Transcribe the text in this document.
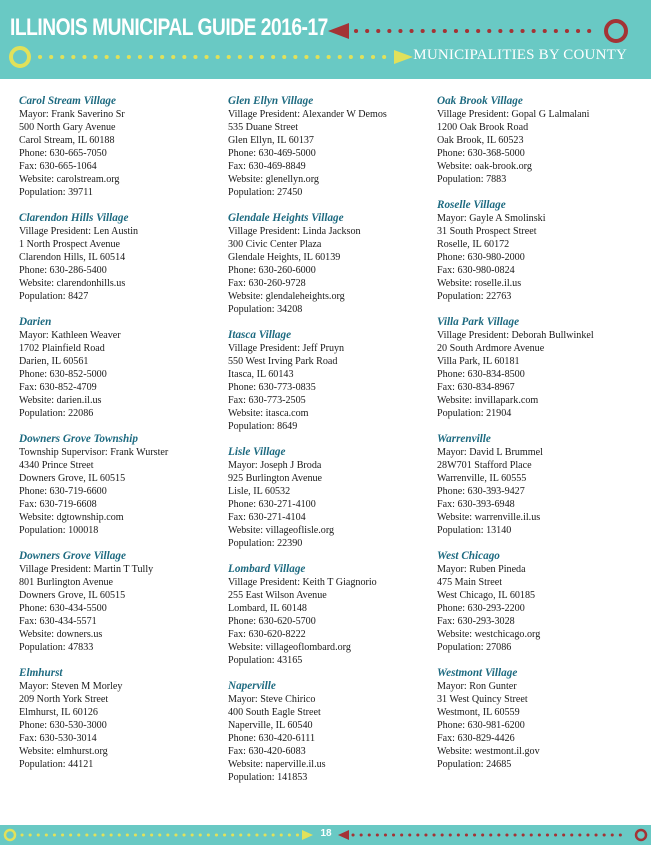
ILLINOIS MUNICIPAL GUIDE 2016-17
MUNICIPALITIES BY COUNTY
Carol Stream Village
Mayor: Frank Saverino Sr
500 North Gary Avenue
Carol Stream, IL 60188
Phone: 630-665-7050
Fax: 630-665-1064
Website: carolstream.org
Population: 39711
Clarendon Hills Village
Village President: Len Austin
1 North Prospect Avenue
Clarendon Hills, IL 60514
Phone: 630-286-5400
Website: clarendonhills.us
Population: 8427
Darien
Mayor: Kathleen Weaver
1702 Plainfield Road
Darien, IL 60561
Phone: 630-852-5000
Fax: 630-852-4709
Website: darien.il.us
Population: 22086
Downers Grove Township
Township Supervisor: Frank Wurster
4340 Prince Street
Downers Grove, IL 60515
Phone: 630-719-6600
Fax: 630-719-6608
Website: dgtownship.com
Population: 100018
Downers Grove Village
Village President: Martin T Tully
801 Burlington Avenue
Downers Grove, IL 60515
Phone: 630-434-5500
Fax: 630-434-5571
Website: downers.us
Population: 47833
Elmhurst
Mayor: Steven M Morley
209 North York Street
Elmhurst, IL 60126
Phone: 630-530-3000
Fax: 630-530-3014
Website: elmhurst.org
Population: 44121
Glen Ellyn Village
Village President: Alexander W Demos
535 Duane Street
Glen Ellyn, IL 60137
Phone: 630-469-5000
Fax: 630-469-8849
Website: glenellyn.org
Population: 27450
Glendale Heights Village
Village President: Linda Jackson
300 Civic Center Plaza
Glendale Heights, IL 60139
Phone: 630-260-6000
Fax: 630-260-9728
Website: glendaleheights.org
Population: 34208
Itasca Village
Village President: Jeff Pruyn
550 West Irving Park Road
Itasca, IL 60143
Phone: 630-773-0835
Fax: 630-773-2505
Website: itasca.com
Population: 8649
Lisle Village
Mayor: Joseph J Broda
925 Burlington Avenue
Lisle, IL 60532
Phone: 630-271-4100
Fax: 630-271-4104
Website: villageoflisle.org
Population: 22390
Lombard Village
Village President: Keith T Giagnorio
255 East Wilson Avenue
Lombard, IL 60148
Phone: 630-620-5700
Fax: 630-620-8222
Website: villageoflombard.org
Population: 43165
Naperville
Mayor: Steve Chirico
400 South Eagle Street
Naperville, IL 60540
Phone: 630-420-6111
Fax: 630-420-6083
Website: naperville.il.us
Population: 141853
Oak Brook Village
Village President: Gopal G Lalmalani
1200 Oak Brook Road
Oak Brook, IL 60523
Phone: 630-368-5000
Website: oak-brook.org
Population: 7883
Roselle Village
Mayor: Gayle A Smolinski
31 South Prospect Street
Roselle, IL 60172
Phone: 630-980-2000
Fax: 630-980-0824
Website: roselle.il.us
Population: 22763
Villa Park Village
Village President: Deborah Bullwinkel
20 South Ardmore Avenue
Villa Park, IL 60181
Phone: 630-834-8500
Fax: 630-834-8967
Website: invillapark.com
Population: 21904
Warrenville
Mayor: David L Brummel
28W701 Stafford Place
Warrenville, IL 60555
Phone: 630-393-9427
Fax: 630-393-6948
Website: warrenville.il.us
Population: 13140
West Chicago
Mayor: Ruben Pineda
475 Main Street
West Chicago, IL 60185
Phone: 630-293-2200
Fax: 630-293-3028
Website: westchicago.org
Population: 27086
Westmont Village
Mayor: Ron Gunter
31 West Quincy Street
Westmont, IL 60559
Phone: 630-981-6200
Fax: 630-829-4426
Website: westmont.il.gov
Population: 24685
18
